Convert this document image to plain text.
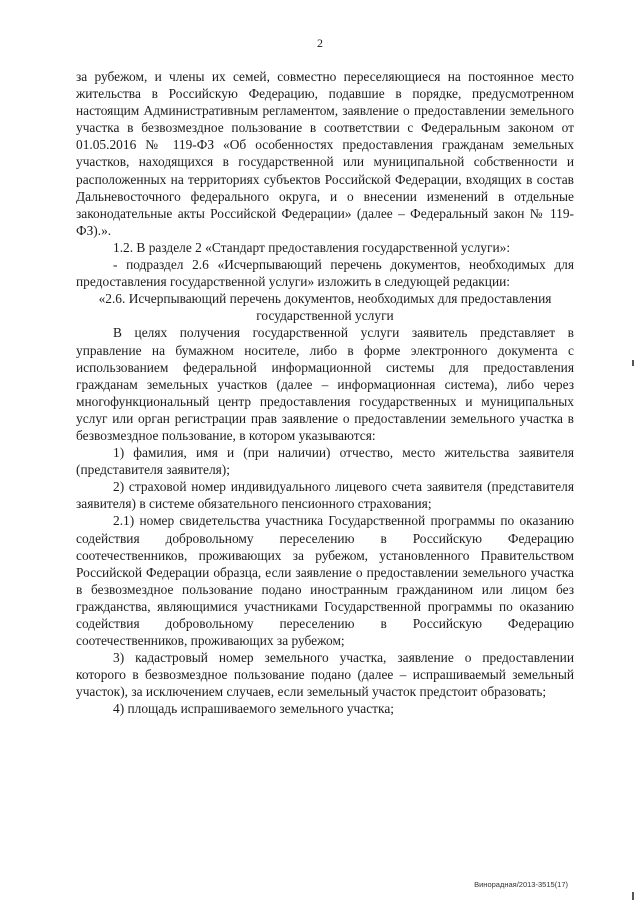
2

за рубежом, и члены их семей, совместно переселяющиеся на постоянное место жительства в Российскую Федерацию, подавшие в порядке, предусмотренном настоящим Административным регламентом, заявление о предоставлении земельного участка в безвозмездное пользование в соответствии с Федеральным законом от 01.05.2016 № 119-ФЗ «Об особенностях предоставления гражданам земельных участков, находящихся в государственной или муниципальной собственности и расположенных на территориях субъектов Российской Федерации, входящих в состав Дальневосточного федерального округа, и о внесении изменений в отдельные законодательные акты Российской Федерации» (далее – Федеральный закон № 119-ФЗ).».

1.2. В разделе 2 «Стандарт предоставления государственной услуги»:

- подраздел 2.6 «Исчерпывающий перечень документов, необходимых для предоставления государственной услуги» изложить в следующей редакции:

«2.6. Исчерпывающий перечень документов, необходимых для предоставления государственной услуги

В целях получения государственной услуги заявитель представляет в управление на бумажном носителе, либо в форме электронного документа с использованием федеральной информационной системы для предоставления гражданам земельных участков (далее – информационная система), либо через многофункциональный центр предоставления государственных и муниципальных услуг или орган регистрации прав заявление о предоставлении земельного участка в безвозмездное пользование, в котором указываются:

1) фамилия, имя и (при наличии) отчество, место жительства заявителя (представителя заявителя);

2) страховой номер индивидуального лицевого счета заявителя (представителя заявителя) в системе обязательного пенсионного страхования;

2.1) номер свидетельства участника Государственной программы по оказанию содействия добровольному переселению в Российскую Федерацию соотечественников, проживающих за рубежом, установленного Правительством Российской Федерации образца, если заявление о предоставлении земельного участка в безвозмездное пользование подано иностранным гражданином или лицом без гражданства, являющимися участниками Государственной программы по оказанию содействия добровольному переселению в Российскую Федерацию соотечественников, проживающих за рубежом;

3) кадастровый номер земельного участка, заявление о предоставлении которого в безвозмездное пользование подано (далее – испрашиваемый земельный участок), за исключением случаев, если земельный участок предстоит образовать;

4) площадь испрашиваемого земельного участка;

Винорадная/2013-3515(17)
